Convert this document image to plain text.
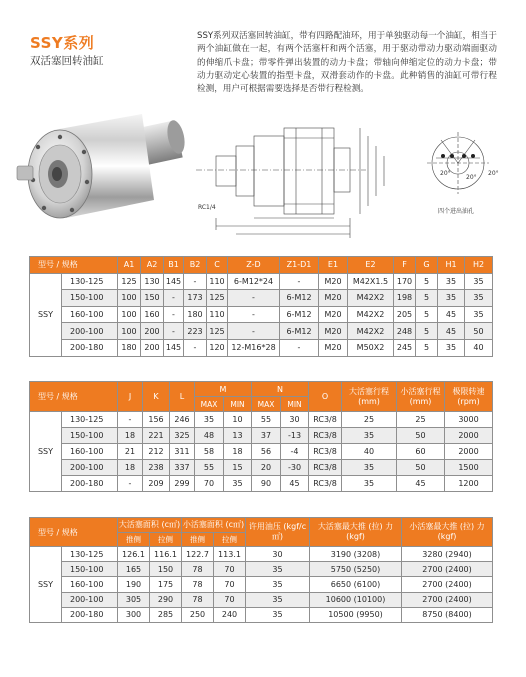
SSY系列
双活塞回转油缸
SSY系列双活塞回转油缸，带有四路配油环，用于单独驱动每一个油缸，相当于两个油缸做在一起，有两个活塞杆和两个活塞，用于驱动带动力驱动端面驱动的伸缩爪卡盘；带零件弹出装置的动力卡盘；带轴向伸缩定位的动力卡盘；带动力驱动定心装置的指型卡盘，双滑套动作的卡盘。此种销售的油缸可带行程检测，用户可根据需要选择是否带行程检测。
RC1/4
四个进出油孔
20°
20°
20°
型号 / 规格		A1	A2	B1	B2	C	Z-D	Z1-D1	E1	E2	F	G	H1	H2
SSY	130-125	125	130	145	-	110	6-M12*24	-	M20	M42X1.5	170	5	35	35
	150-100	100	150	-	173	125	-	6-M12	M20	M42X2	198	5	35	35
	160-100	100	160	-	180	110	-	6-M12	M20	M42X2	205	5	45	35
	200-100	100	200	-	223	125	-	6-M12	M20	M42X2	248	5	45	50
	200-180	180	200	145	-	120	12-M16*28	-	M20	M50X2	245	5	35	40
型号 / 规格		J	K	L	M		N		O	大活塞行程 (mm)	小活塞行程 (mm)	极限转速 (rpm)
					MAX	MIN	MAX	MIN				
SSY	130-125	-	156	246	35	10	55	30	RC3/8	25	25	3000
	150-100	18	221	325	48	13	37	-13	RC3/8	35	50	2000
	160-100	21	212	311	58	18	56	-4	RC3/8	40	60	2000
	200-100	18	238	337	55	15	20	-30	RC3/8	35	50	1500
	200-180	-	209	299	70	35	90	45	RC3/8	35	45	1200
型号 / 规格		大活塞面积 (c㎡)		小活塞面积 (c㎡)		许用油压 (kgf/c㎡)	大活塞最大推 (拉) 力(kgf)	小活塞最大推 (拉) 力(kgf)
		推侧	拉侧	推侧	拉侧			
SSY	130-125	126.1	116.1	122.7	113.1	30	3190 (3208)	3280 (2940)
	150-100	165	150	78	70	35	5750 (5250)	2700 (2400)
	160-100	190	175	78	70	35	6650 (6100)	2700 (2400)
	200-100	305	290	78	70	35	10600 (10100)	2700 (2400)
	200-180	300	285	250	240	35	10500 (9950)	8750 (8400)
